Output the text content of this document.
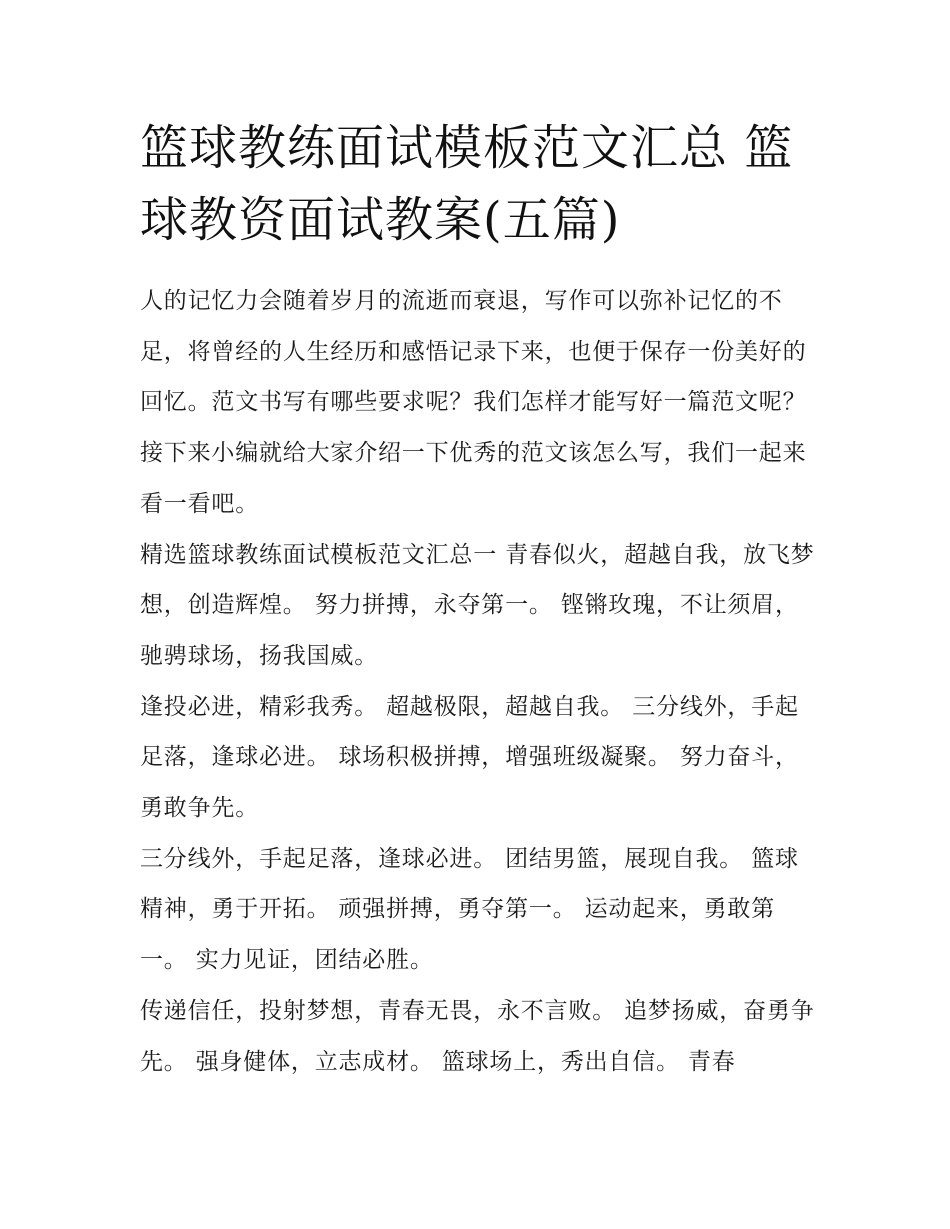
篮球教练面试模板范文汇总 篮球教资面试教案(五篇)

人的记忆力会随着岁月的流逝而衰退，写作可以弥补记忆的不足，将曾经的人生经历和感悟记录下来，也便于保存一份美好的回忆。范文书写有哪些要求呢？我们怎样才能写好一篇范文呢？接下来小编就给大家介绍一下优秀的范文该怎么写，我们一起来看一看吧。

精选篮球教练面试模板范文汇总一 青春似火，超越自我，放飞梦想，创造辉煌。 努力拼搏，永夺第一。 铿锵玫瑰，不让须眉，驰骋球场，扬我国威。

逢投必进，精彩我秀。 超越极限，超越自我。 三分线外，手起足落，逢球必进。 球场积极拼搏，增强班级凝聚。 努力奋斗，勇敢争先。

三分线外，手起足落，逢球必进。 团结男篮，展现自我。 篮球精神，勇于开拓。 顽强拼搏，勇夺第一。 运动起来，勇敢第一。 实力见证，团结必胜。

传递信任，投射梦想，青春无畏，永不言败。 追梦扬威，奋勇争先。 强身健体，立志成材。 篮球场上，秀出自信。 青春
